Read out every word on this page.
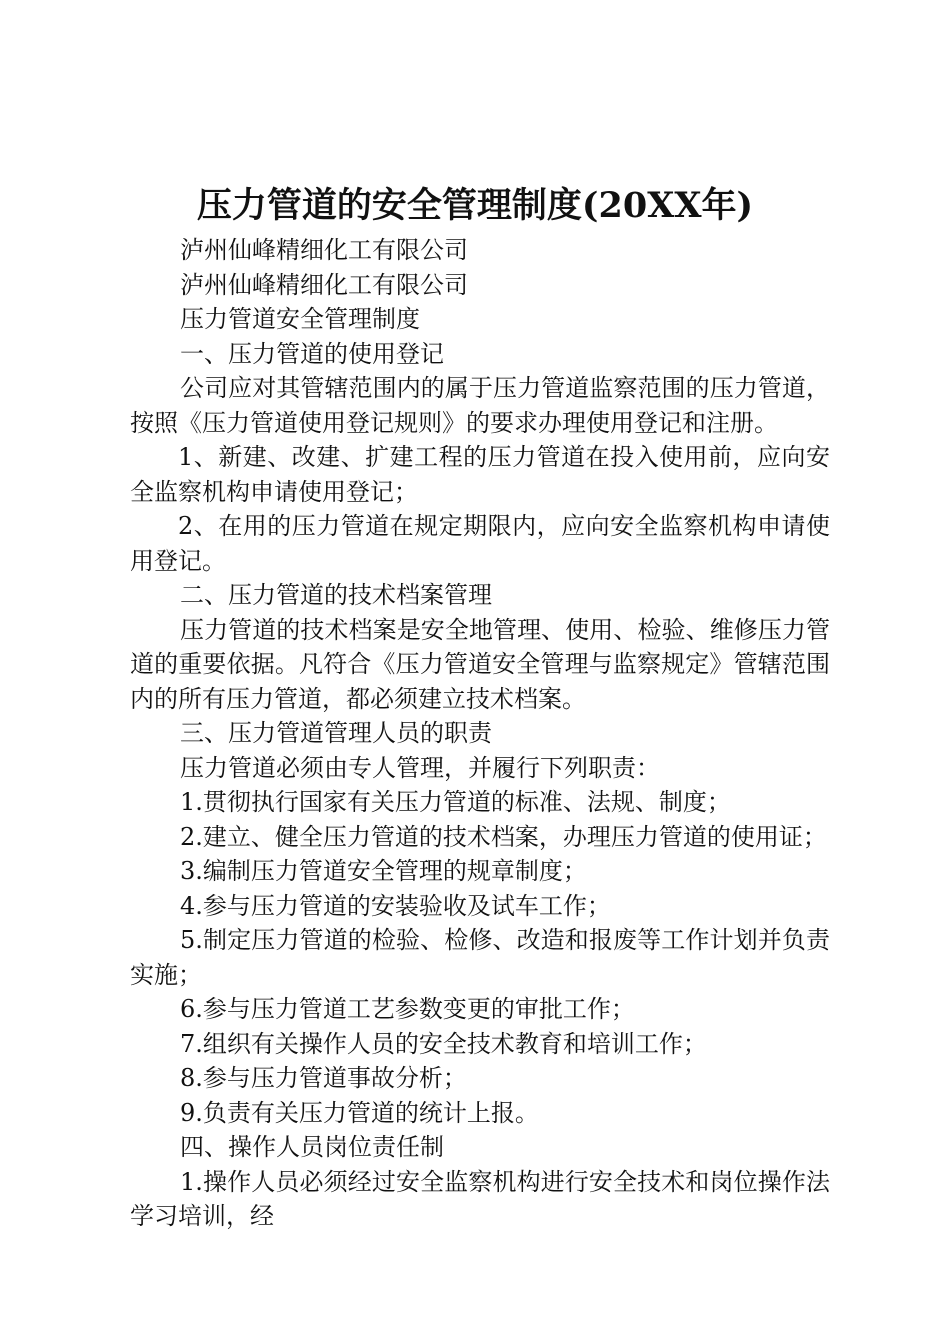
压力管道的安全管理制度(20XX年)

泸州仙峰精细化工有限公司

泸州仙峰精细化工有限公司

压力管道安全管理制度

一、压力管道的使用登记

公司应对其管辖范围内的属于压力管道监察范围的压力管道，按照《压力管道使用登记规则》的要求办理使用登记和注册。

1、新建、改建、扩建工程的压力管道在投入使用前，应向安全监察机构申请使用登记；

2、在用的压力管道在规定期限内，应向安全监察机构申请使用登记。

二、压力管道的技术档案管理

压力管道的技术档案是安全地管理、使用、检验、维修压力管道的重要依据。凡符合《压力管道安全管理与监察规定》管辖范围内的所有压力管道，都必须建立技术档案。

三、压力管道管理人员的职责

压力管道必须由专人管理，并履行下列职责：

1.贯彻执行国家有关压力管道的标准、法规、制度；

2.建立、健全压力管道的技术档案，办理压力管道的使用证；

3.编制压力管道安全管理的规章制度；

4.参与压力管道的安装验收及试车工作；

5.制定压力管道的检验、检修、改造和报废等工作计划并负责实施；

6.参与压力管道工艺参数变更的审批工作；

7.组织有关操作人员的安全技术教育和培训工作；

8.参与压力管道事故分析；

9.负责有关压力管道的统计上报。

四、操作人员岗位责任制

1.操作人员必须经过安全监察机构进行安全技术和岗位操作法学习培训，经
